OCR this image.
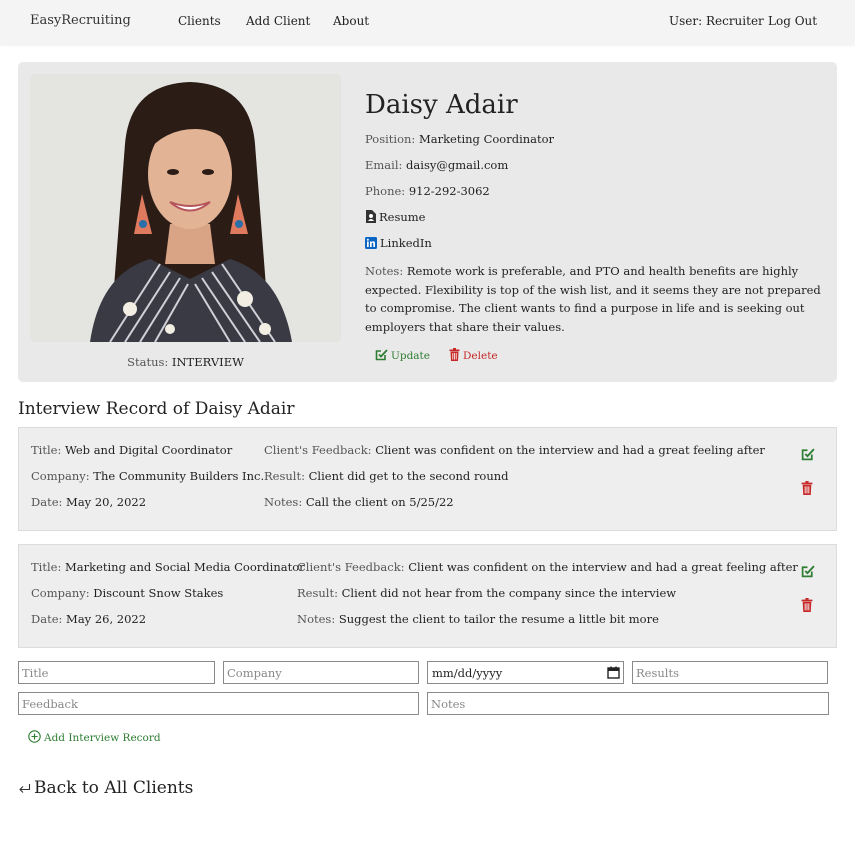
EasyRecruiting	Clients Add Client About	User: Recruiter Log Out
Status: INTERVIEW
Daisy Adair
Position: Marketing Coordinator
Email: daisy@gmail.com
Phone: 912-292-3062
Resume
LinkedIn
Notes: Remote work is preferable, and PTO and health benefits are highly expected. Flexibility is top of the wish list, and it seems they are not prepared to compromise. The client wants to find a purpose in life and is seeking out employers that share their values.
Update	Delete
Interview Record of Daisy Adair
Title: Web and Digital Coordinator
Company: The Community Builders Inc.
Date: May 20, 2022
Client's Feedback: Client was confident on the interview and had a great feeling after
Result: Client did get to the second round
Notes: Call the client on 5/25/22
Title: Marketing and Social Media Coordinator
Company: Discount Snow Stakes
Date: May 26, 2022
Client's Feedback: Client was confident on the interview and had a great feeling after
Result: Client did not hear from the company since the interview
Notes: Suggest the client to tailor the resume a little bit more
Title
Company
mm/dd/yyyy
Results
Feedback
Notes
Add Interview Record
Back to All Clients
